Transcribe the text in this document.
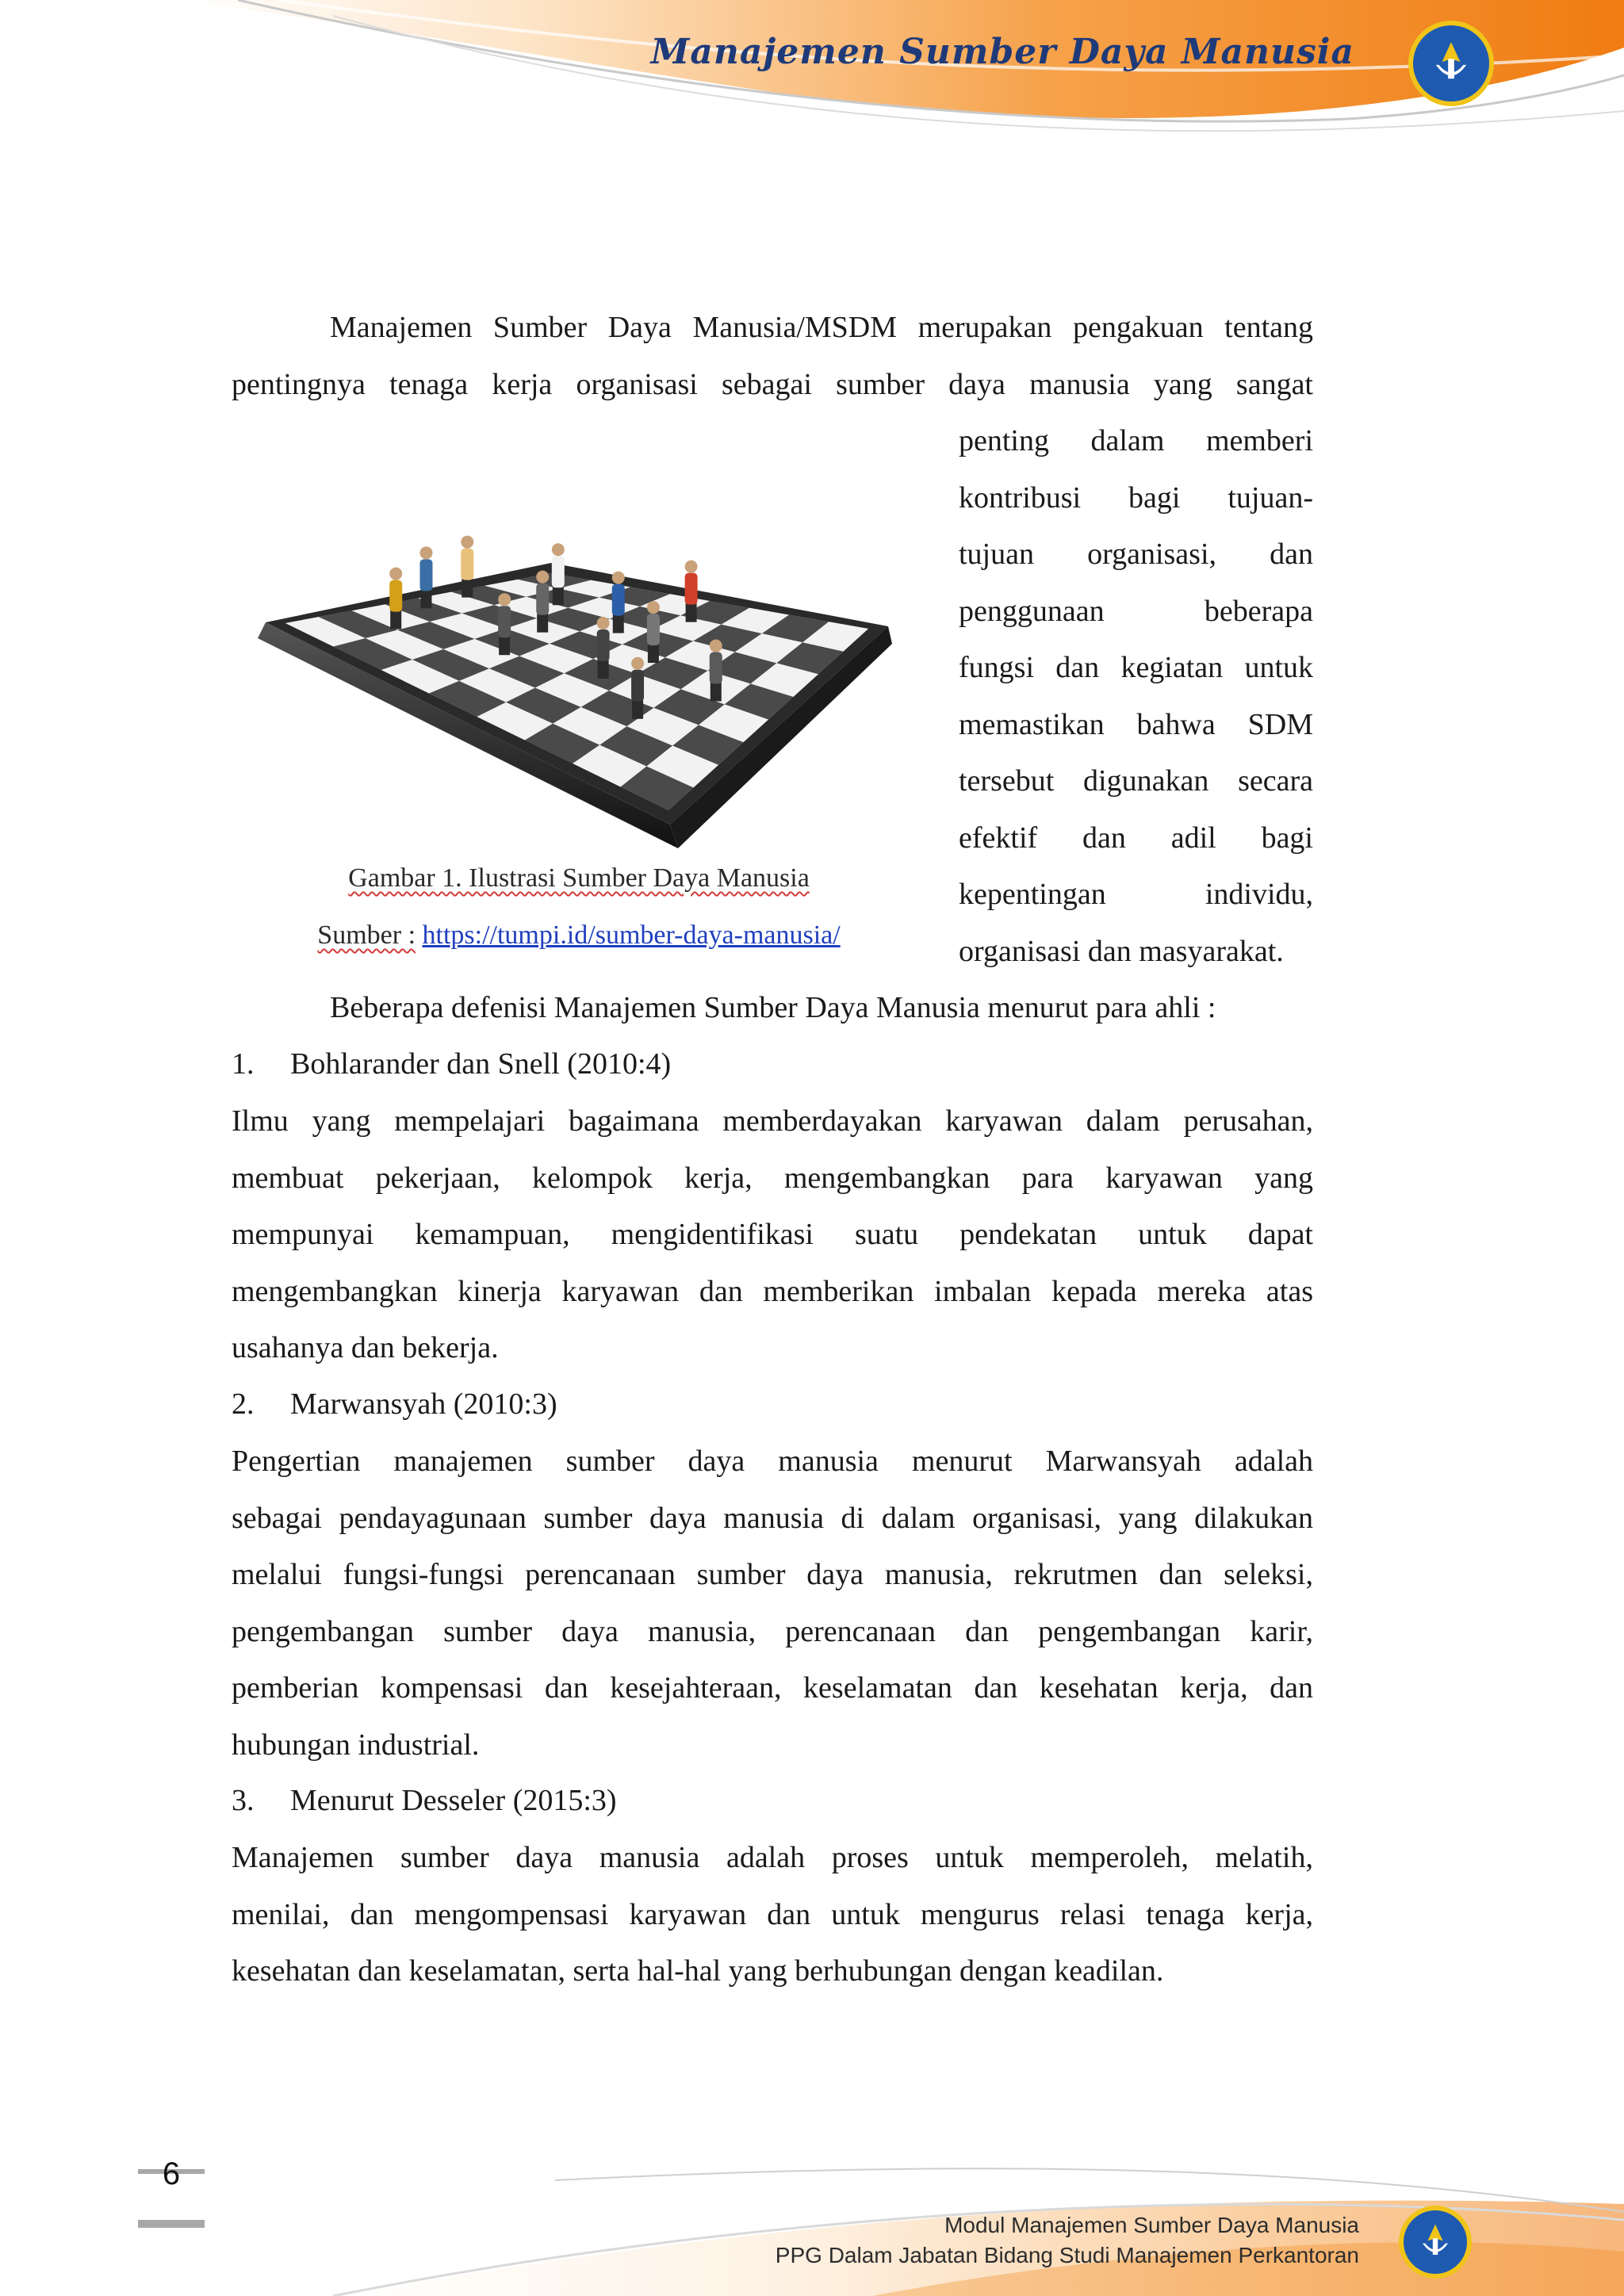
Manajemen Sumber Daya Manusia
Manajemen Sumber Daya Manusia/MSDM merupakan pengakuan tentang
pentingnya tenaga kerja organisasi sebagai sumber daya manusia yang sangat
penting dalam memberi
kontribusi bagi tujuan-
tujuan organisasi, dan
penggunaan beberapa
fungsi dan kegiatan untuk
memastikan bahwa SDM
tersebut digunakan secara
efektif dan adil bagi
kepentingan individu,
organisasi dan masyarakat.
Gambar 1. Ilustrasi Sumber Daya Manusia
Sumber : https://tumpi.id/sumber-daya-manusia/
Beberapa defenisi Manajemen Sumber Daya Manusia menurut para ahli :
1. Bohlarander dan Snell (2010:4)
Ilmu yang mempelajari bagaimana memberdayakan karyawan dalam perusahan,
membuat pekerjaan, kelompok kerja, mengembangkan para karyawan yang
mempunyai kemampuan, mengidentifikasi suatu pendekatan untuk dapat
mengembangkan kinerja karyawan dan memberikan imbalan kepada mereka atas
usahanya dan bekerja.
2. Marwansyah (2010:3)
Pengertian manajemen sumber daya manusia menurut Marwansyah adalah
sebagai pendayagunaan sumber daya manusia di dalam organisasi, yang dilakukan
melalui fungsi-fungsi perencanaan sumber daya manusia, rekrutmen dan seleksi,
pengembangan sumber daya manusia, perencanaan dan pengembangan karir,
pemberian kompensasi dan kesejahteraan, keselamatan dan kesehatan kerja, dan
hubungan industrial.
3. Menurut Desseler (2015:3)
Manajemen sumber daya manusia adalah proses untuk memperoleh, melatih,
menilai, dan mengompensasi karyawan dan untuk mengurus relasi tenaga kerja,
kesehatan dan keselamatan, serta hal-hal yang berhubungan dengan keadilan.
6
Modul Manajemen Sumber Daya Manusia
PPG Dalam Jabatan Bidang Studi Manajemen Perkantoran
